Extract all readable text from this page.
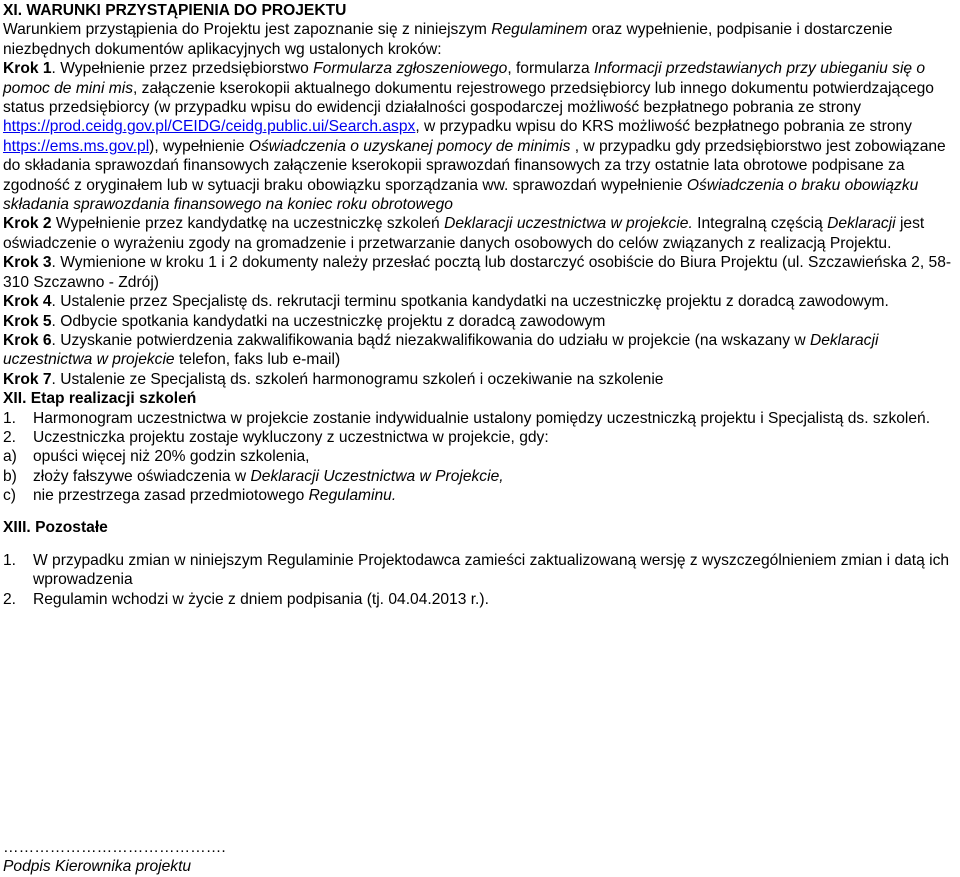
XI. WARUNKI PRZYSTĄPIENIA DO PROJEKTU

Warunkiem przystąpienia do Projektu jest zapoznanie się z niniejszym Regulaminem oraz wypełnienie, podpisanie i dostarczenie niezbędnych dokumentów aplikacyjnych wg ustalonych kroków:

Krok 1. Wypełnienie przez przedsiębiorstwo Formularza zgłoszeniowego, formularza Informacji przedstawianych przy ubieganiu się o pomoc de mini mis, załączenie kserokopii aktualnego dokumentu rejestrowego przedsiębiorcy lub innego dokumentu potwierdzającego status przedsiębiorcy (w przypadku wpisu do ewidencji działalności gospodarczej możliwość bezpłatnego pobrania ze strony https://prod.ceidg.gov.pl/CEIDG/ceidg.public.ui/Search.aspx, w przypadku wpisu do KRS możliwość bezpłatnego pobrania ze strony https://ems.ms.gov.pl), wypełnienie Oświadczenia o uzyskanej pomocy de minimis , w przypadku gdy przedsiębiorstwo jest zobowiązane do składania sprawozdań finansowych załączenie kserokopii sprawozdań finansowych za trzy ostatnie lata obrotowe podpisane za zgodność z oryginałem lub w sytuacji braku obowiązku sporządzania ww. sprawozdań wypełnienie Oświadczenia o braku obowiązku składania sprawozdania finansowego na koniec roku obrotowego

Krok 2 Wypełnienie przez kandydatkę na uczestniczkę szkoleń Deklaracji uczestnictwa w projekcie. Integralną częścią Deklaracji jest oświadczenie o wyrażeniu zgody na gromadzenie i przetwarzanie danych osobowych do celów związanych z realizacją Projektu.

Krok 3. Wymienione w kroku 1 i 2 dokumenty należy przesłać pocztą lub dostarczyć osobiście do Biura Projektu (ul. Szczawieńska 2, 58-310 Szczawno - Zdrój)

Krok 4. Ustalenie przez Specjalistę ds. rekrutacji terminu spotkania kandydatki na uczestniczkę projektu z doradcą zawodowym.

Krok 5. Odbycie spotkania kandydatki na uczestniczkę projektu z doradcą zawodowym

Krok 6. Uzyskanie potwierdzenia zakwalifikowania bądź niezakwalifikowania do udziału w projekcie (na wskazany w Deklaracji uczestnictwa w projekcie telefon, faks lub e-mail)

Krok 7. Ustalenie ze Specjalistą ds. szkoleń harmonogramu szkoleń i oczekiwanie na szkolenie

XII. Etap realizacji szkoleń

1.	Harmonogram uczestnictwa w projekcie zostanie indywidualnie ustalony pomiędzy uczestniczką projektu i Specjalistą ds. szkoleń.
2.	Uczestniczka projektu zostaje wykluczony z uczestnictwa w projekcie, gdy:
a)	opuści więcej niż 20% godzin szkolenia,
b)	złoży fałszywe oświadczenia w Deklaracji Uczestnictwa w Projekcie,
c)	nie przestrzega zasad przedmiotowego Regulaminu.

XIII. Pozostałe

1.	W przypadku zmian w niniejszym Regulaminie Projektodawca zamieści zaktualizowaną wersję z wyszczególnieniem zmian i datą ich wprowadzenia
2.	Regulamin wchodzi w życie z dniem podpisania (tj. 04.04.2013 r.).

…………………………………….

Podpis Kierownika projektu
